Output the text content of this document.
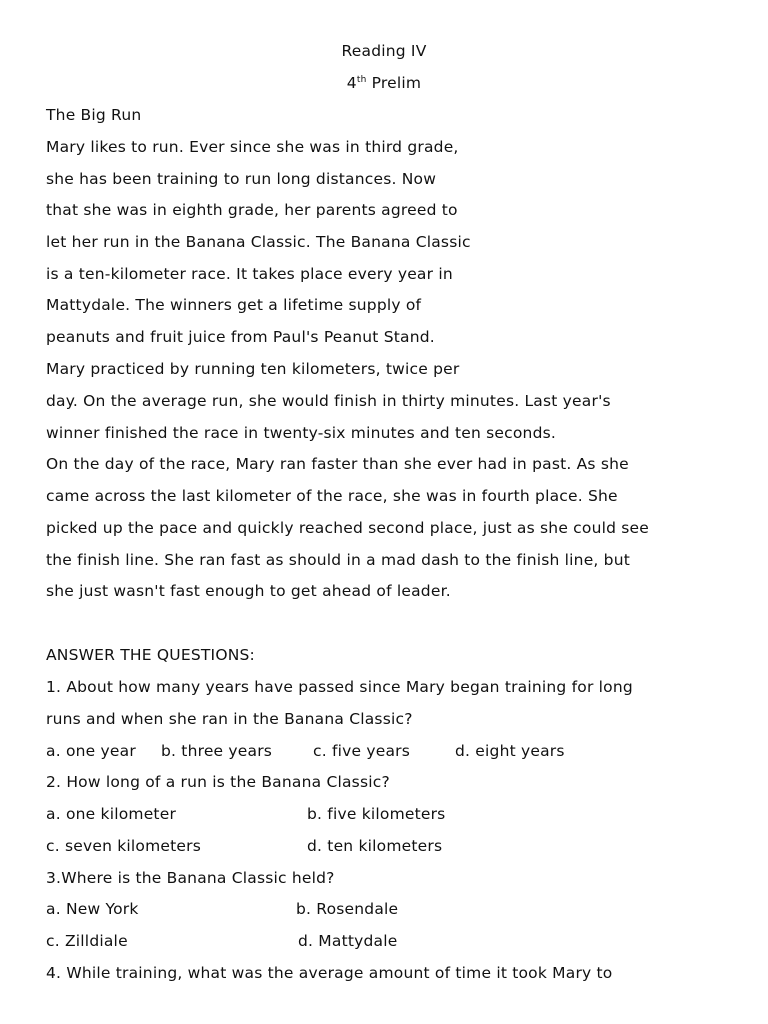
Reading IV
4th Prelim
The Big Run
Mary likes to run. Ever since she was in third grade,
she has been training to run long distances. Now
that she was in eighth grade, her parents agreed to
let her run in the Banana Classic. The Banana Classic
is a ten-kilometer race. It takes place every year in
Mattydale. The winners get a lifetime supply of
peanuts and fruit juice from Paul's Peanut Stand.
Mary practiced by running ten kilometers, twice per
day. On the average run, she would finish in thirty minutes. Last year's
winner finished the race in twenty-six minutes and ten seconds.
On the day of the race, Mary ran faster than she ever had in past. As she
came across the last kilometer of the race, she was in fourth place. She
picked up the pace and quickly reached second place, just as she could see
the finish line. She ran fast as should in a mad dash to the finish line, but
she just wasn't fast enough to get ahead of leader.
ANSWER THE QUESTIONS:
1. About how many years have passed since Mary began training for long
runs and when she ran in the Banana Classic?
a. one year b. three years	c. five years	d. eight years
2. How long of a run is the Banana Classic?
a. one kilometer	b. five kilometers
c. seven kilometers	d. ten kilometers
3.Where is the Banana Classic held?
a. New York	b. Rosendale
c. Zilldiale	d. Mattydale
4. While training, what was the average amount of time it took Mary to
